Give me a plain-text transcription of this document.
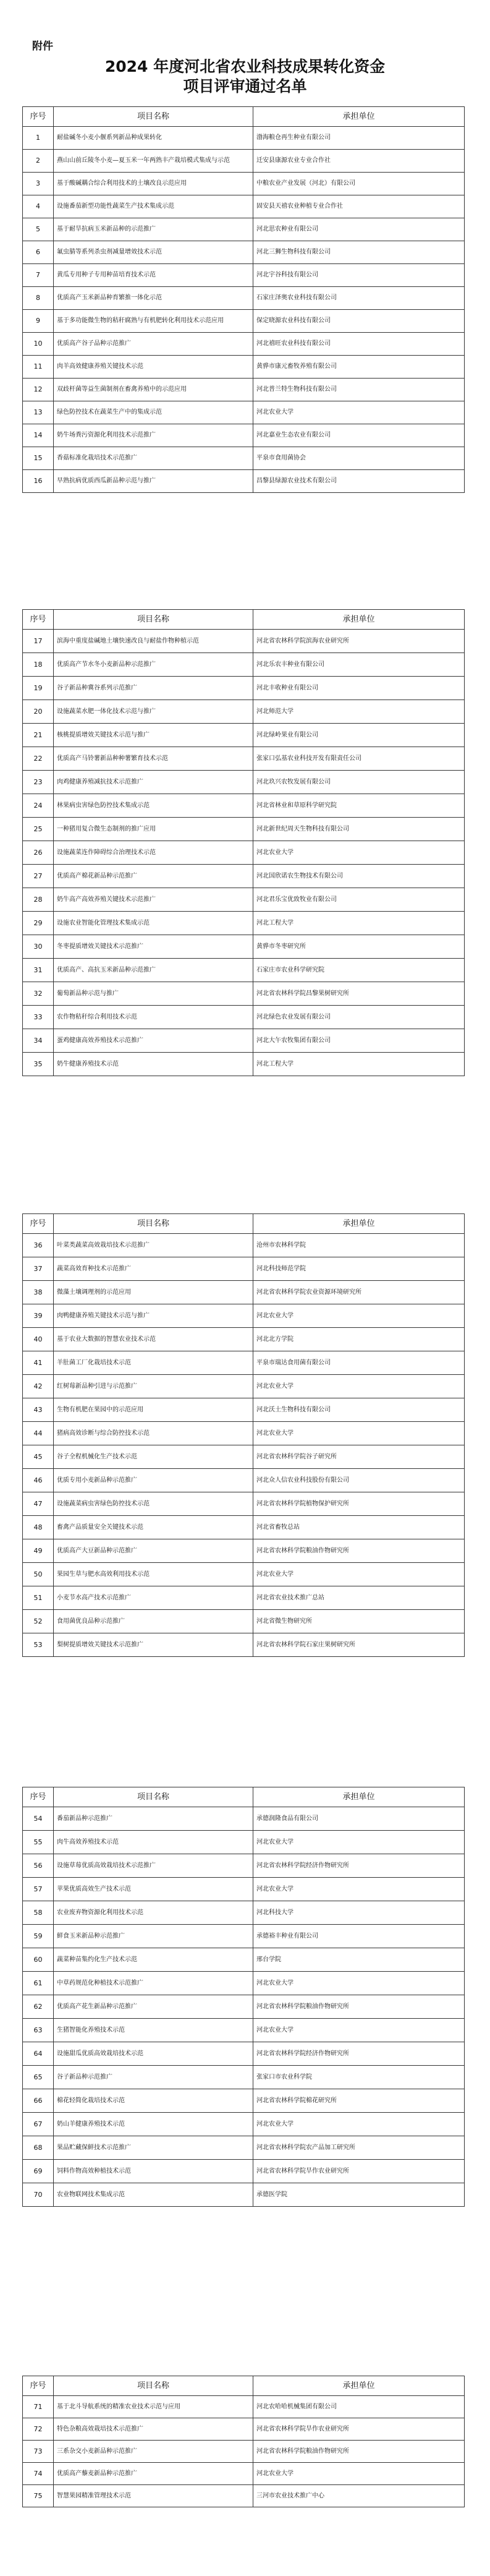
附件
2024 年度河北省农业科技成果转化资金
项目评审通过名单
序号	项目名称	承担单位
1	耐盐碱冬小麦小偃系列新品种成果转化	渤海粮仓再生种业有限公司
2	燕山山前丘陵冬小麦—夏玉米一年两熟丰产栽培模式集成与示范	迁安县康源农业专业合作社
3	基于酸碱耦合综合利用技术的土壤改良示范应用	中粮农业产业发展（河北）有限公司
4	设施番茄新型功能性蔬菜生产技术集成示范	固安县天禧农业种植专业合作社
5	基于耐旱抗病玉米新品种的示范推广	河北思农种业有限公司
6	氟虫腈等系列杀虫剂减量增效技术示范	河北三狮生物科技有限公司
7	黄瓜专用种子专用种苗培育技术示范	河北宇谷科技有限公司
8	优质高产玉米新品种育繁推一体化示范	石家庄泽奥农业科技有限公司
9	基于多功能微生物的秸秆腐熟与有机肥转化利用技术示范应用	保定晓源农业科技有限公司
10	优质高产谷子品种示范推广	河北禧旺农业科技有限公司
11	肉羊高效健康养殖关键技术示范	黄骅市康元畜牧养殖有限公司
12	双歧杆菌等益生菌制剂在畜禽养殖中的示范应用	河北普兰特生物科技有限公司
13	绿色防控技术在蔬菜生产中的集成示范	河北农业大学
14	奶牛场粪污资源化利用技术示范推广	河北嘉业生态农业有限公司
15	香菇标准化栽培技术示范推广	平泉市食用菌协会
16	早熟抗病优质西瓜新品种示范与推广	昌黎县绿源农业技术有限公司
序号	项目名称	承担单位
17	滨海中重度盐碱地土壤快速改良与耐盐作物种植示范	河北省农林科学院滨海农业研究所
18	优质高产节水冬小麦新品种示范推广	河北乐农丰种业有限公司
19	谷子新品种冀谷系列示范推广	河北丰收种业有限公司
20	设施蔬菜水肥一体化技术示范与推广	河北师范大学
21	核桃提质增效关键技术示范与推广	河北绿岭果业有限公司
22	优质高产马铃薯新品种种薯繁育技术示范	张家口弘基农业科技开发有限责任公司
23	肉鸡健康养殖减抗技术示范推广	河北玖兴农牧发展有限公司
24	林果病虫害绿色防控技术集成示范	河北省林业和草原科学研究院
25	一种猪用复合微生态制剂的推广应用	河北新世纪周天生物科技有限公司
26	设施蔬菜连作障碍综合治理技术示范	河北农业大学
27	优质高产棉花新品种示范推广	河北国欣诺农生物技术有限公司
28	奶牛高产高效养殖关键技术示范推广	河北君乐宝优致牧业有限公司
29	设施农业智能化管理技术集成示范	河北工程大学
30	冬枣提质增效关键技术示范推广	黄骅市冬枣研究所
31	优质高产、高抗玉米新品种示范推广	石家庄市农业科学研究院
32	葡萄新品种示范与推广	河北省农林科学院昌黎果树研究所
33	农作物秸秆综合利用技术示范	河北绿色农业发展有限公司
34	蛋鸡健康高效养殖技术示范推广	河北大午农牧集团有限公司
35	奶牛健康养殖技术示范	河北工程大学
序号	项目名称	承担单位
36	叶菜类蔬菜高效栽培技术示范推广	沧州市农林科学院
37	蔬菜高效育种技术示范推广	河北科技师范学院
38	微藻土壤调理剂的示范应用	河北省农林科学院农业资源环境研究所
39	肉鸭健康养殖关键技术示范与推广	河北农业大学
40	基于农业大数据的智慧农业技术示范	河北北方学院
41	羊肚菌工厂化栽培技术示范	平泉市瑞达食用菌有限公司
42	红树莓新品种引进与示范推广	河北农业大学
43	生物有机肥在果园中的示范应用	河北沃土生物科技有限公司
44	猪病高效诊断与综合防控技术示范	河北农业大学
45	谷子全程机械化生产技术示范	河北省农林科学院谷子研究所
46	优质专用小麦新品种示范推广	河北众人信农业科技股份有限公司
47	设施蔬菜病虫害绿色防控技术示范	河北省农林科学院植物保护研究所
48	畜禽产品质量安全关键技术示范	河北省畜牧总站
49	优质高产大豆新品种示范推广	河北省农林科学院粮油作物研究所
50	果园生草与肥水高效利用技术示范	河北农业大学
51	小麦节水高产技术示范推广	河北省农业技术推广总站
52	食用菌优良品种示范推广	河北省微生物研究所
53	梨树提质增效关键技术示范推广	河北省农林科学院石家庄果树研究所
序号	项目名称	承担单位
54	番茄新品种示范推广	承德润隆食品有限公司
55	肉牛高效养殖技术示范	河北农业大学
56	设施草莓优质高效栽培技术示范推广	河北省农林科学院经济作物研究所
57	苹果优质高效生产技术示范	河北农业大学
58	农业废弃物资源化利用技术示范	河北科技大学
59	鲜食玉米新品种示范推广	承德裕丰种业有限公司
60	蔬菜种苗集约化生产技术示范	邢台学院
61	中草药规范化种植技术示范推广	河北农业大学
62	优质高产花生新品种示范推广	河北省农林科学院粮油作物研究所
63	生猪智能化养殖技术示范	河北农业大学
64	设施甜瓜优质高效栽培技术示范	河北省农林科学院经济作物研究所
65	谷子新品种示范推广	张家口市农业科学院
66	棉花轻简化栽培技术示范	河北省农林科学院棉花研究所
67	奶山羊健康养殖技术示范	河北农业大学
68	果品贮藏保鲜技术示范推广	河北省农林科学院农产品加工研究所
69	饲料作物高效种植技术示范	河北省农林科学院旱作农业研究所
70	农业物联网技术集成示范	承德医学院
序号	项目名称	承担单位
71	基于北斗导航系统的精准农业技术示范与应用	河北农哈哈机械集团有限公司
72	特色杂粮高效栽培技术示范推广	河北省农林科学院旱作农业研究所
73	三系杂交小麦新品种示范推广	河北省农林科学院粮油作物研究所
74	优质高产藜麦新品种示范推广	河北农业大学
75	智慧果园精准管理技术示范	三河市农业技术推广中心
